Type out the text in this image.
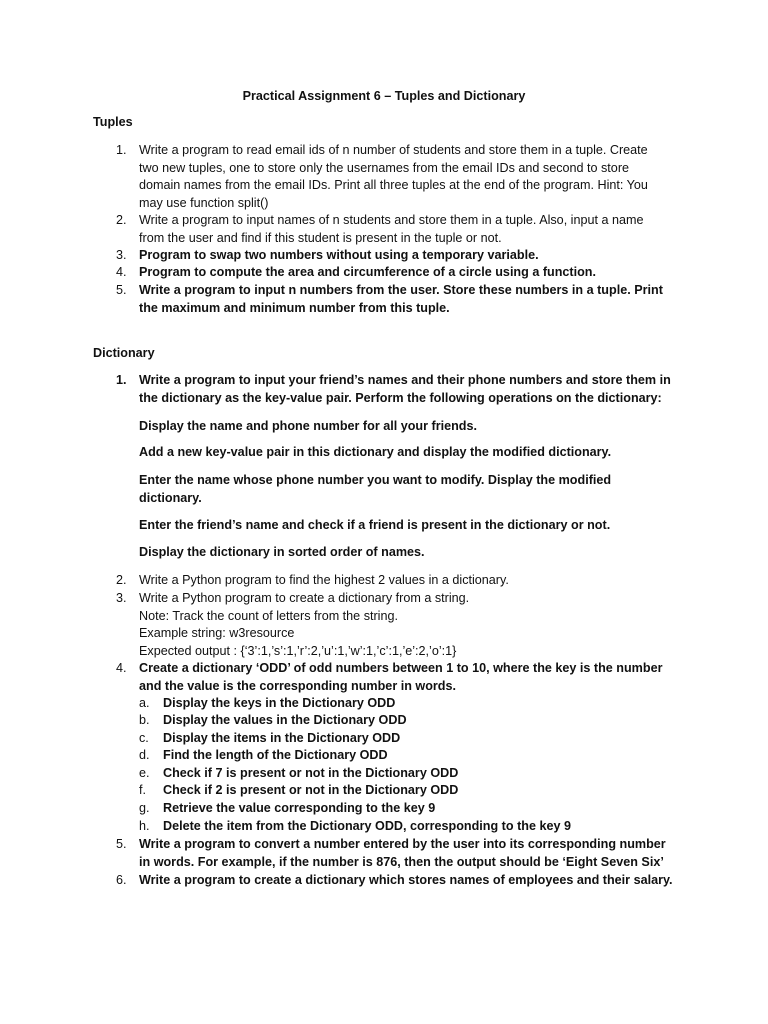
Practical Assignment 6 – Tuples and Dictionary
Tuples
1. Write a program to read email ids of n number of students and store them in a tuple. Create
two new tuples, one to store only the usernames from the email IDs and second to store
domain names from the email IDs. Print all three tuples at the end of the program. Hint: You
may use function split()
2. Write a program to input names of n students and store them in a tuple. Also, input a name
from the user and find if this student is present in the tuple or not.
3. Program to swap two numbers without using a temporary variable.
4. Program to compute the area and circumference of a circle using a function.
5. Write a program to input n numbers from the user. Store these numbers in a tuple. Print
the maximum and minimum number from this tuple.
Dictionary
1. Write a program to input your friend’s names and their phone numbers and store them in
the dictionary as the key-value pair. Perform the following operations on the dictionary:
Display the name and phone number for all your friends.
Add a new key-value pair in this dictionary and display the modified dictionary.
Enter the name whose phone number you want to modify. Display the modified
dictionary.
Enter the friend’s name and check if a friend is present in the dictionary or not.
Display the dictionary in sorted order of names.
2. Write a Python program to find the highest 2 values in a dictionary.
3. Write a Python program to create a dictionary from a string.
Note: Track the count of letters from the string.
Example string: w3resource
Expected output : {‘3’:1,’s’:1,’r’:2,’u’:1,’w’:1,’c’:1,’e’:2,’o’:1}
4. Create a dictionary ‘ODD’ of odd numbers between 1 to 10, where the key is the number
and the value is the corresponding number in words.
a.	Display the keys in the Dictionary ODD
b.	Display the values in the Dictionary ODD
c.	Display the items in the Dictionary ODD
d.	Find the length of the Dictionary ODD
e.	Check if 7 is present or not in the Dictionary ODD
f.	Check if 2 is present or not in the Dictionary ODD
g.	Retrieve the value corresponding to the key 9
h.	Delete the item from the Dictionary ODD, corresponding to the key 9
5. Write a program to convert a number entered by the user into its corresponding number
in words. For example, if the number is 876, then the output should be ‘Eight Seven Six’
6. Write a program to create a dictionary which stores names of employees and their salary.
